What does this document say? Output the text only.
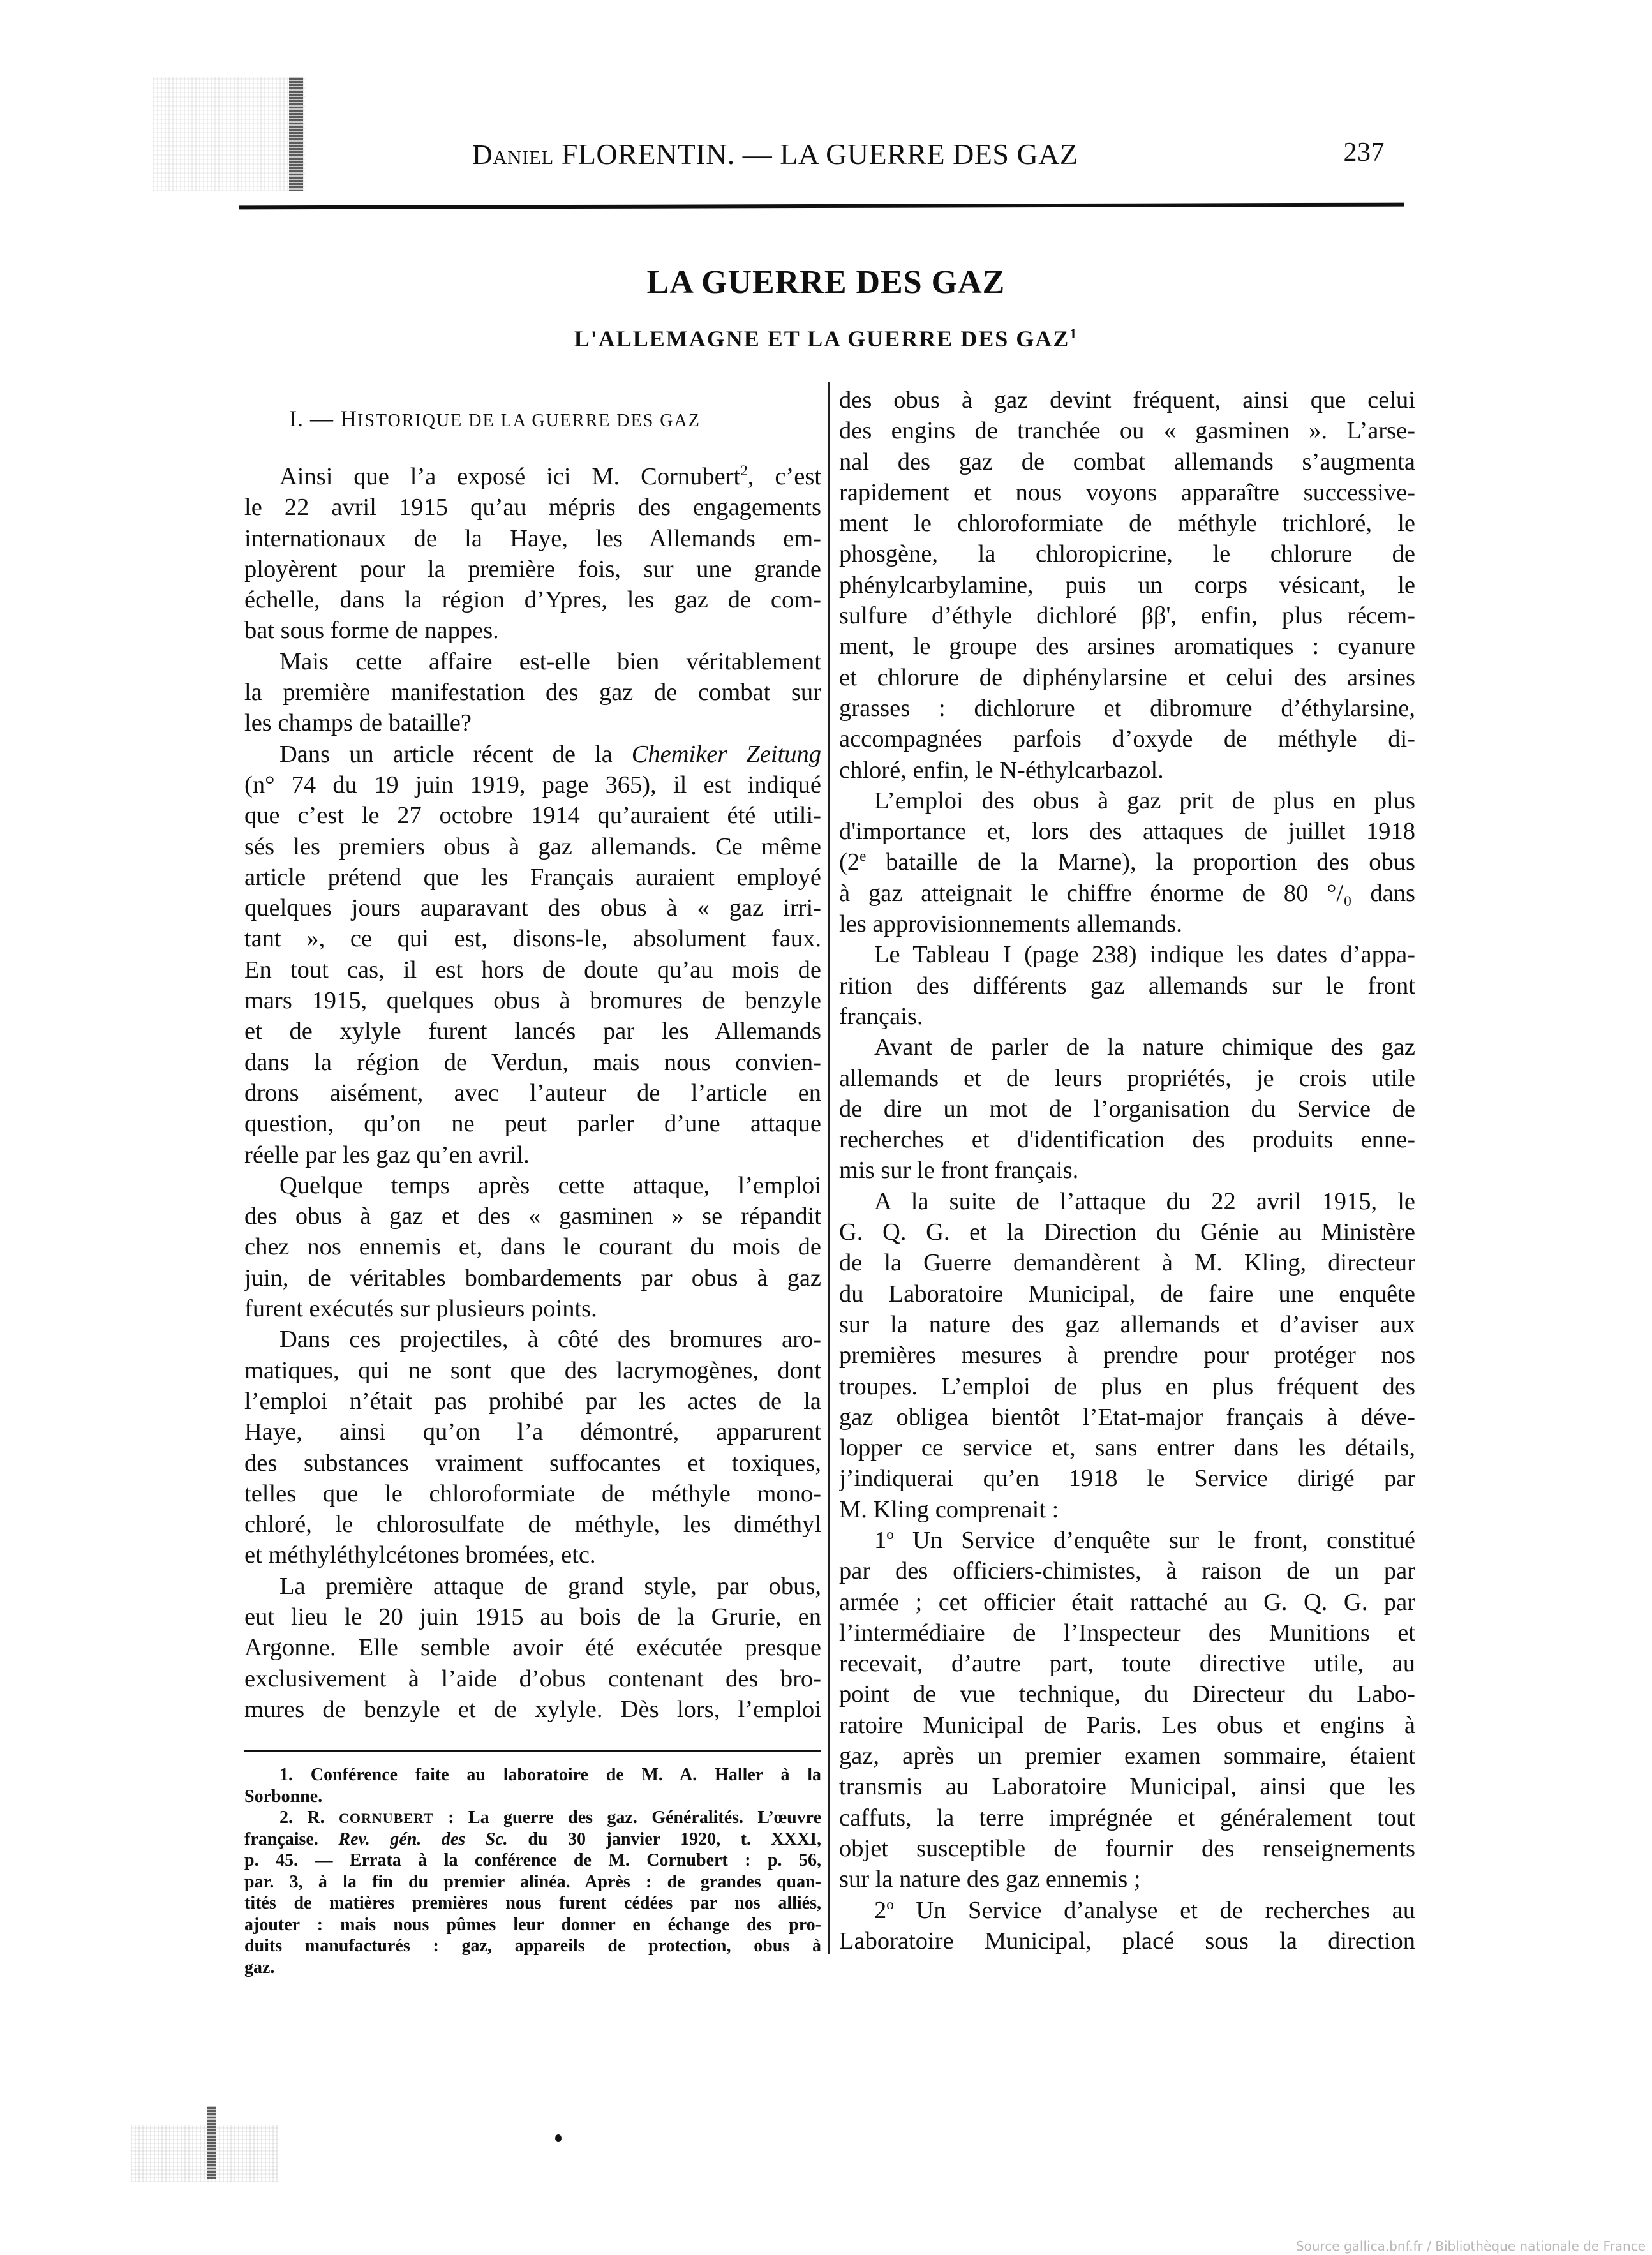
Daniel FLORENTIN. — LA GUERRE DES GAZ	237
LA GUERRE DES GAZ
L'ALLEMAGNE ET LA GUERRE DES GAZ$^1$
I. — HISTORIQUE DE LA GUERRE DES GAZ
Ainsi que l’a exposé ici M. Cornubert$^2$, c’est
le 22 avril 1915 qu’au mépris des engagements
internationaux de la Haye, les Allemands em-
ployèrent pour la première fois, sur une grande
échelle, dans la région d’Ypres, les gaz de com-
bat sous forme de nappes.
Mais cette affaire est-elle bien véritablement
la première manifestation des gaz de combat sur
les champs de bataille?
Dans un article récent de la Chemiker Zeitung
(n° 74 du 19 juin 1919, page 365), il est indiqué
que c’est le 27 octobre 1914 qu’auraient été utili-
sés les premiers obus à gaz allemands. Ce même
article prétend que les Français auraient employé
quelques jours auparavant des obus à « gaz irri-
tant », ce qui est, disons-le, absolument faux.
En tout cas, il est hors de doute qu’au mois de
mars 1915, quelques obus à bromures de benzyle
et de xylyle furent lancés par les Allemands
dans la région de Verdun, mais nous convien-
drons aisément, avec l’auteur de l’article en
question, qu’on ne peut parler d’une attaque
réelle par les gaz qu’en avril.
Quelque temps après cette attaque, l’emploi
des obus à gaz et des « gasminen » se répandit
chez nos ennemis et, dans le courant du mois de
juin, de véritables bombardements par obus à gaz
furent exécutés sur plusieurs points.
Dans ces projectiles, à côté des bromures aro-
matiques, qui ne sont que des lacrymogènes, dont
l’emploi n’était pas prohibé par les actes de la
Haye, ainsi qu’on l’a démontré, apparurent
des substances vraiment suffocantes et toxiques,
telles que le chloroformiate de méthyle mono-
chloré, le chlorosulfate de méthyle, les diméthyl
et méthyléthylcétones bromées, etc.
La première attaque de grand style, par obus,
eut lieu le 20 juin 1915 au bois de la Grurie, en
Argonne. Elle semble avoir été exécutée presque
exclusivement à l’aide d’obus contenant des bro-
mures de benzyle et de xylyle. Dès lors, l’emploi
des obus à gaz devint fréquent, ainsi que celui
des engins de tranchée ou « gasminen ». L’arse-
nal des gaz de combat allemands s’augmenta
rapidement et nous voyons apparaître successive-
ment le chloroformiate de méthyle trichloré, le
phosgène, la chloropicrine, le chlorure de
phénylcarbylamine, puis un corps vésicant, le
sulfure d’éthyle dichloré ββ', enfin, plus récem-
ment, le groupe des arsines aromatiques : cyanure
et chlorure de diphénylarsine et celui des arsines
grasses : dichlorure et dibromure d’éthylarsine,
accompagnées parfois d’oxyde de méthyle di-
chloré, enfin, le N-éthylcarbazol.
L’emploi des obus à gaz prit de plus en plus
d'importance et, lors des attaques de juillet 1918
(2e bataille de la Marne), la proportion des obus
à gaz atteignait le chiffre énorme de 80 °/₀ dans
les approvisionnements allemands.
Le Tableau I (page 238) indique les dates d’appa-
rition des différents gaz allemands sur le front
français.
Avant de parler de la nature chimique des gaz
allemands et de leurs propriétés, je crois utile
de dire un mot de l’organisation du Service de
recherches et d'identification des produits enne-
mis sur le front français.
A la suite de l’attaque du 22 avril 1915, le
G. Q. G. et la Direction du Génie au Ministère
de la Guerre demandèrent à M. Kling, directeur
du Laboratoire Municipal, de faire une enquête
sur la nature des gaz allemands et d’aviser aux
premières mesures à prendre pour protéger nos
troupes. L’emploi de plus en plus fréquent des
gaz obligea bientôt l’Etat-major français à déve-
lopper ce service et, sans entrer dans les détails,
j’indiquerai qu’en 1918 le Service dirigé par
M. Kling comprenait :
1$^o$ Un Service d’enquête sur le front, constitué
par des officiers-chimistes, à raison de un par
armée ; cet officier était rattaché au G. Q. G. par
l’intermédiaire de l’Inspecteur des Munitions et
recevait, d’autre part, toute directive utile, au
point de vue technique, du Directeur du Labo-
ratoire Municipal de Paris. Les obus et engins à
gaz, après un premier examen sommaire, étaient
transmis au Laboratoire Municipal, ainsi que les
caffuts, la terre imprégnée et généralement tout
objet susceptible de fournir des renseignements
sur la nature des gaz ennemis ;
2$^o$ Un Service d’analyse et de recherches au
Laboratoire Municipal, placé sous la direction
1. Conférence faite au laboratoire de M. A. Haller à la
Sorbonne.
2. R. CORNUBERT : La guerre des gaz. Généralités. L’œuvre
française. Rev. gén. des Sc. du 30 janvier 1920, t. XXXI,
p. 45. — Errata à la conférence de M. Cornubert : p. 56,
par. 3, à la fin du premier alinéa. Après : de grandes quan-
tités de matières premières nous furent cédées par nos alliés,
ajouter : mais nous pûmes leur donner en échange des pro-
duits manufacturés : gaz, appareils de protection, obus à
gaz.
Source gallica.bnf.fr / Bibliothèque nationale de France
